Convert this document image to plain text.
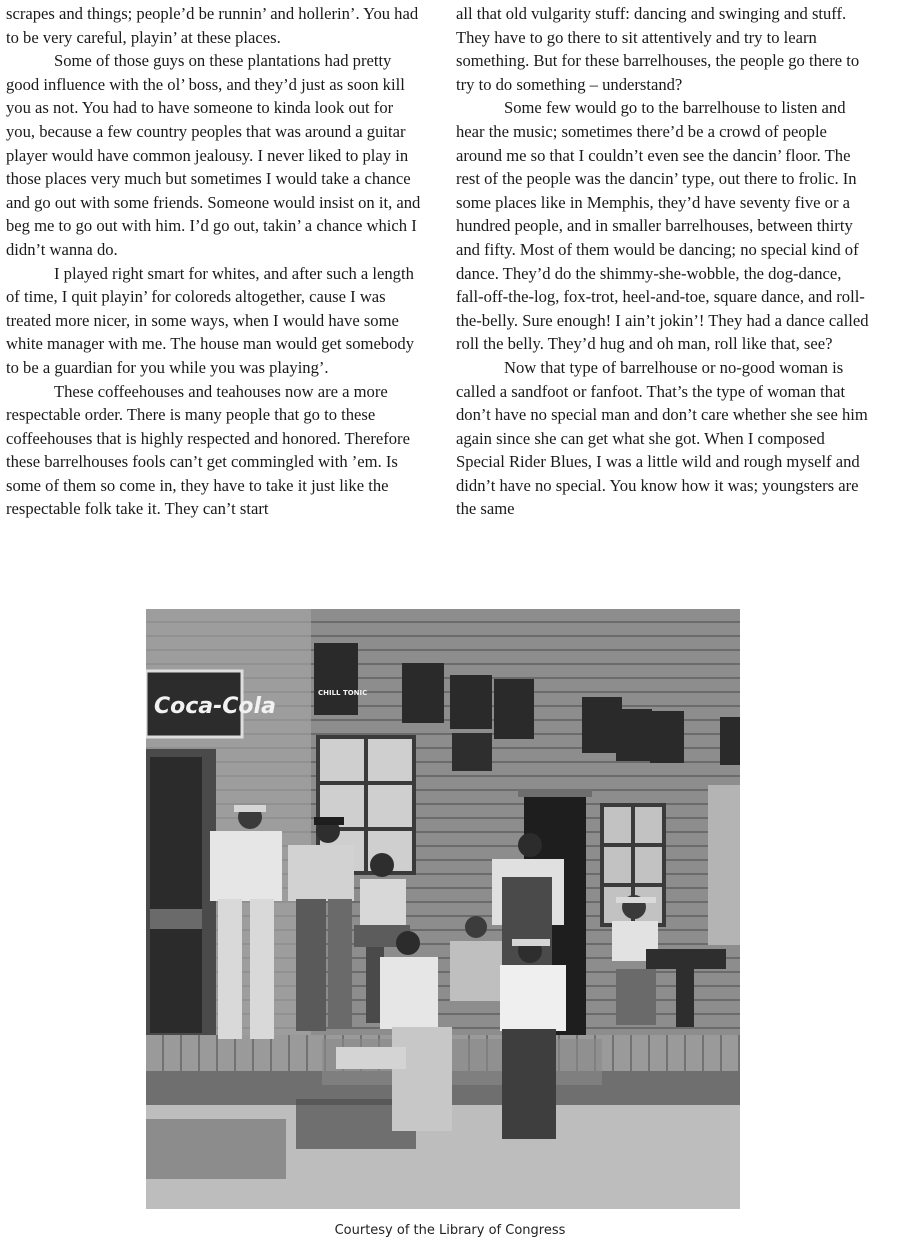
scrapes and things; people’d be runnin’ and hollerin’. You had to be very careful, playin’ at these places.

Some of those guys on these plantations had pretty good influence with the ol’ boss, and they’d just as soon kill you as not. You had to have someone to kinda look out for you, because a few country peoples that was around a guitar player would have common jealousy. I never liked to play in those places very much but sometimes I would take a chance and go out with some friends. Someone would insist on it, and beg me to go out with him. I’d go out, takin’ a chance which I didn’t wanna do.

I played right smart for whites, and after such a length of time, I quit playin’ for coloreds altogether, cause I was treated more nicer, in some ways, when I would have some white manager with me. The house man would get somebody to be a guardian for you while you was playing’.

These coffeehouses and teahouses now are a more respectable order. There is many people that go to these coffeehouses that is highly respected and honored. Therefore these barrelhouses fools can’t get commingled with ’em. Is some of them so come in, they have to take it just like the respectable folk take it. They can’t start

all that old vulgarity stuff: dancing and swinging and stuff. They have to go there to sit attentively and try to learn something. But for these barrelhouses, the people go there to try to do something – understand?

Some few would go to the barrelhouse to listen and hear the music; sometimes there’d be a crowd of people around me so that I couldn’t even see the dancin’ floor. The rest of the people was the dancin’ type, out there to frolic. In some places like in Memphis, they’d have seventy five or a hundred people, and in smaller barrelhouses, between thirty and fifty. Most of them would be dancing; no special kind of dance. They’d do the shimmy-she-wobble, the dog-dance, fall-off-the-log, fox-trot, heel-and-toe, square dance, and roll-the-belly. Sure enough! I ain’t jokin’! They had a dance called roll the belly. They’d hug and oh man, roll like that, see?

Now that type of barrelhouse or no-good woman is called a sandfoot or fanfoot. That’s the type of woman that don’t have no special man and don’t care whether she see him again since she can get what she got. When I composed Special Rider Blues, I was a little wild and rough myself and didn’t have no special. You know how it was; youngsters are the same

Coca-Cola
CHILL TONIC
Courtesy of the Library of Congress
